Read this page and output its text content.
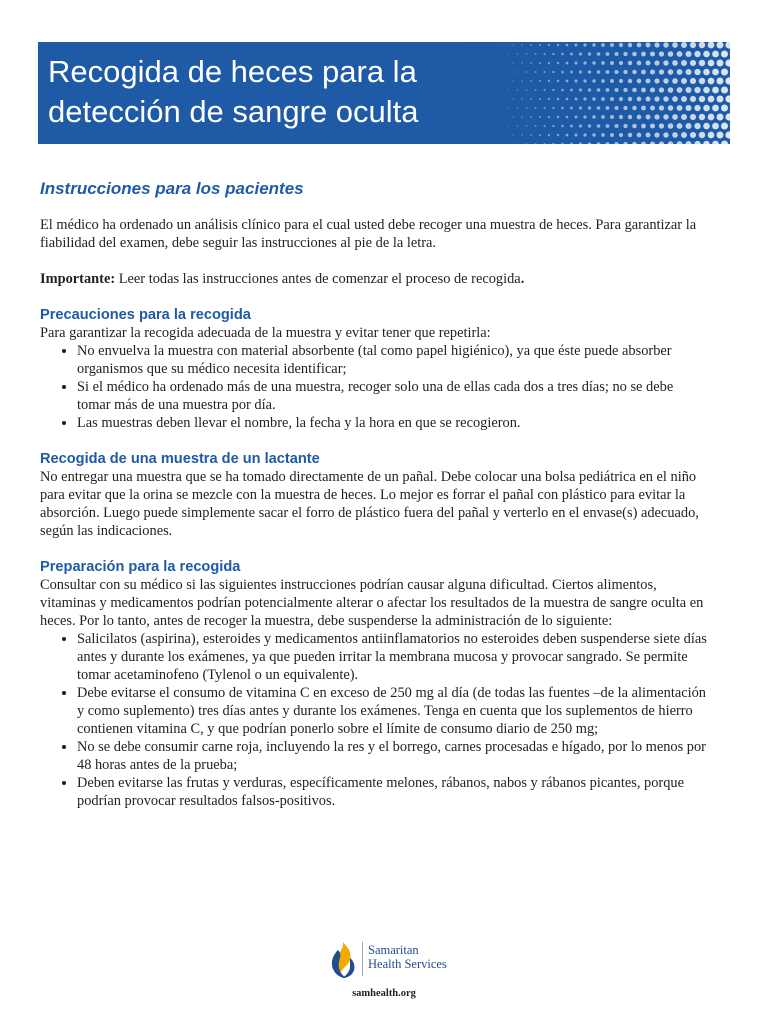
Recogida de heces para la
detección de sangre oculta
Instrucciones para los pacientes

El médico ha ordenado un análisis clínico para el cual usted debe recoger una muestra de heces. Para garantizar la fiabilidad del examen, debe seguir las instrucciones al pie de la letra.

Importante: Leer todas las instrucciones antes de comenzar el proceso de recogida.

Precauciones para la recogida

Para garantizar la recogida adecuada de la muestra y evitar tener que repetirla:

• No envuelva la muestra con material absorbente (tal como papel higiénico), ya que éste puede absorber organismos que su médico necesita identificar;
• Si el médico ha ordenado más de una muestra, recoger solo una de ellas cada dos a tres días; no se debe tomar más de una muestra por día.
• Las muestras deben llevar el nombre, la fecha y la hora en que se recogieron.
Recogida de una muestra de un lactante

No entregar una muestra que se ha tomado directamente de un pañal. Debe colocar una bolsa pediátrica en el niño para evitar que la orina se mezcle con la muestra de heces. Lo mejor es forrar el pañal con plástico para evitar la absorción. Luego puede simplemente sacar el forro de plástico fuera del pañal y verterlo en el envase(s) adecuado, según las indicaciones.

Preparación para la recogida

Consultar con su médico si las siguientes instrucciones podrían causar alguna dificultad. Ciertos alimentos, vitaminas y medicamentos podrían potencialmente alterar o afectar los resultados de la muestra de sangre oculta en heces. Por lo tanto, antes de recoger la muestra, debe suspenderse la administración de lo siguiente:

• Salicilatos (aspirina), esteroides y medicamentos antiinflamatorios no esteroides deben suspenderse siete días antes y durante los exámenes, ya que pueden irritar la membrana mucosa y provocar sangrado. Se permite tomar acetaminofeno (Tylenol o un equivalente).
• Debe evitarse el consumo de vitamina C en exceso de 250 mg al día (de todas las fuentes –de la alimentación y como suplemento) tres días antes y durante los exámenes. Tenga en cuenta que los suplementos de hierro contienen vitamina C, y que podrían ponerlo sobre el límite de consumo diario de 250 mg;
• No se debe consumir carne roja, incluyendo la res y el borrego, carnes procesadas e hígado, por lo menos por 48 horas antes de la prueba;
• Deben evitarse las frutas y verduras, específicamente melones, rábanos, nabos y rábanos picantes, porque podrían provocar resultados falsos-positivos.
Samaritan
Health Services
samhealth.org
